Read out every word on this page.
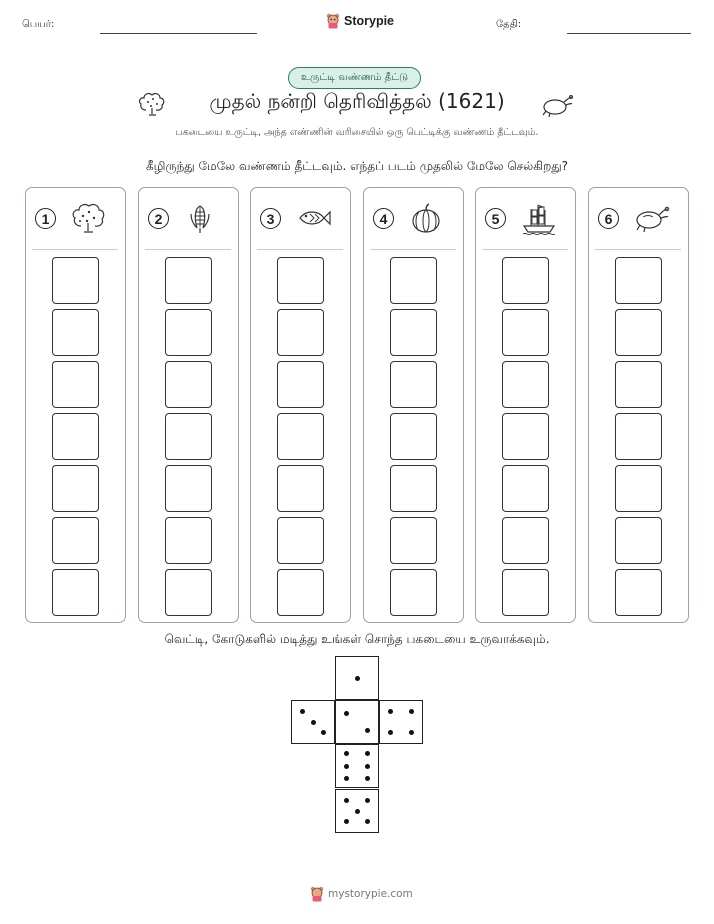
பெயர்:	Storypie	தேதி:
உருட்டி வண்ணம் தீட்டு
முதல் நன்றி தெரிவித்தல் (1621)
பகடையை உருட்டி, அந்த எண்ணின் வரிசையில் ஒரு பெட்டிக்கு வண்ணம் தீட்டவும்.
கீழிருந்து மேலே வண்ணம் தீட்டவும். எந்தப் படம் முதலில் மேலே செல்கிறது?
1	2	3	4	5	6
வெட்டி, கோடுகளில் மடித்து உங்கள் சொந்த பகடையை உருவாக்கவும்.
mystorypie.com
